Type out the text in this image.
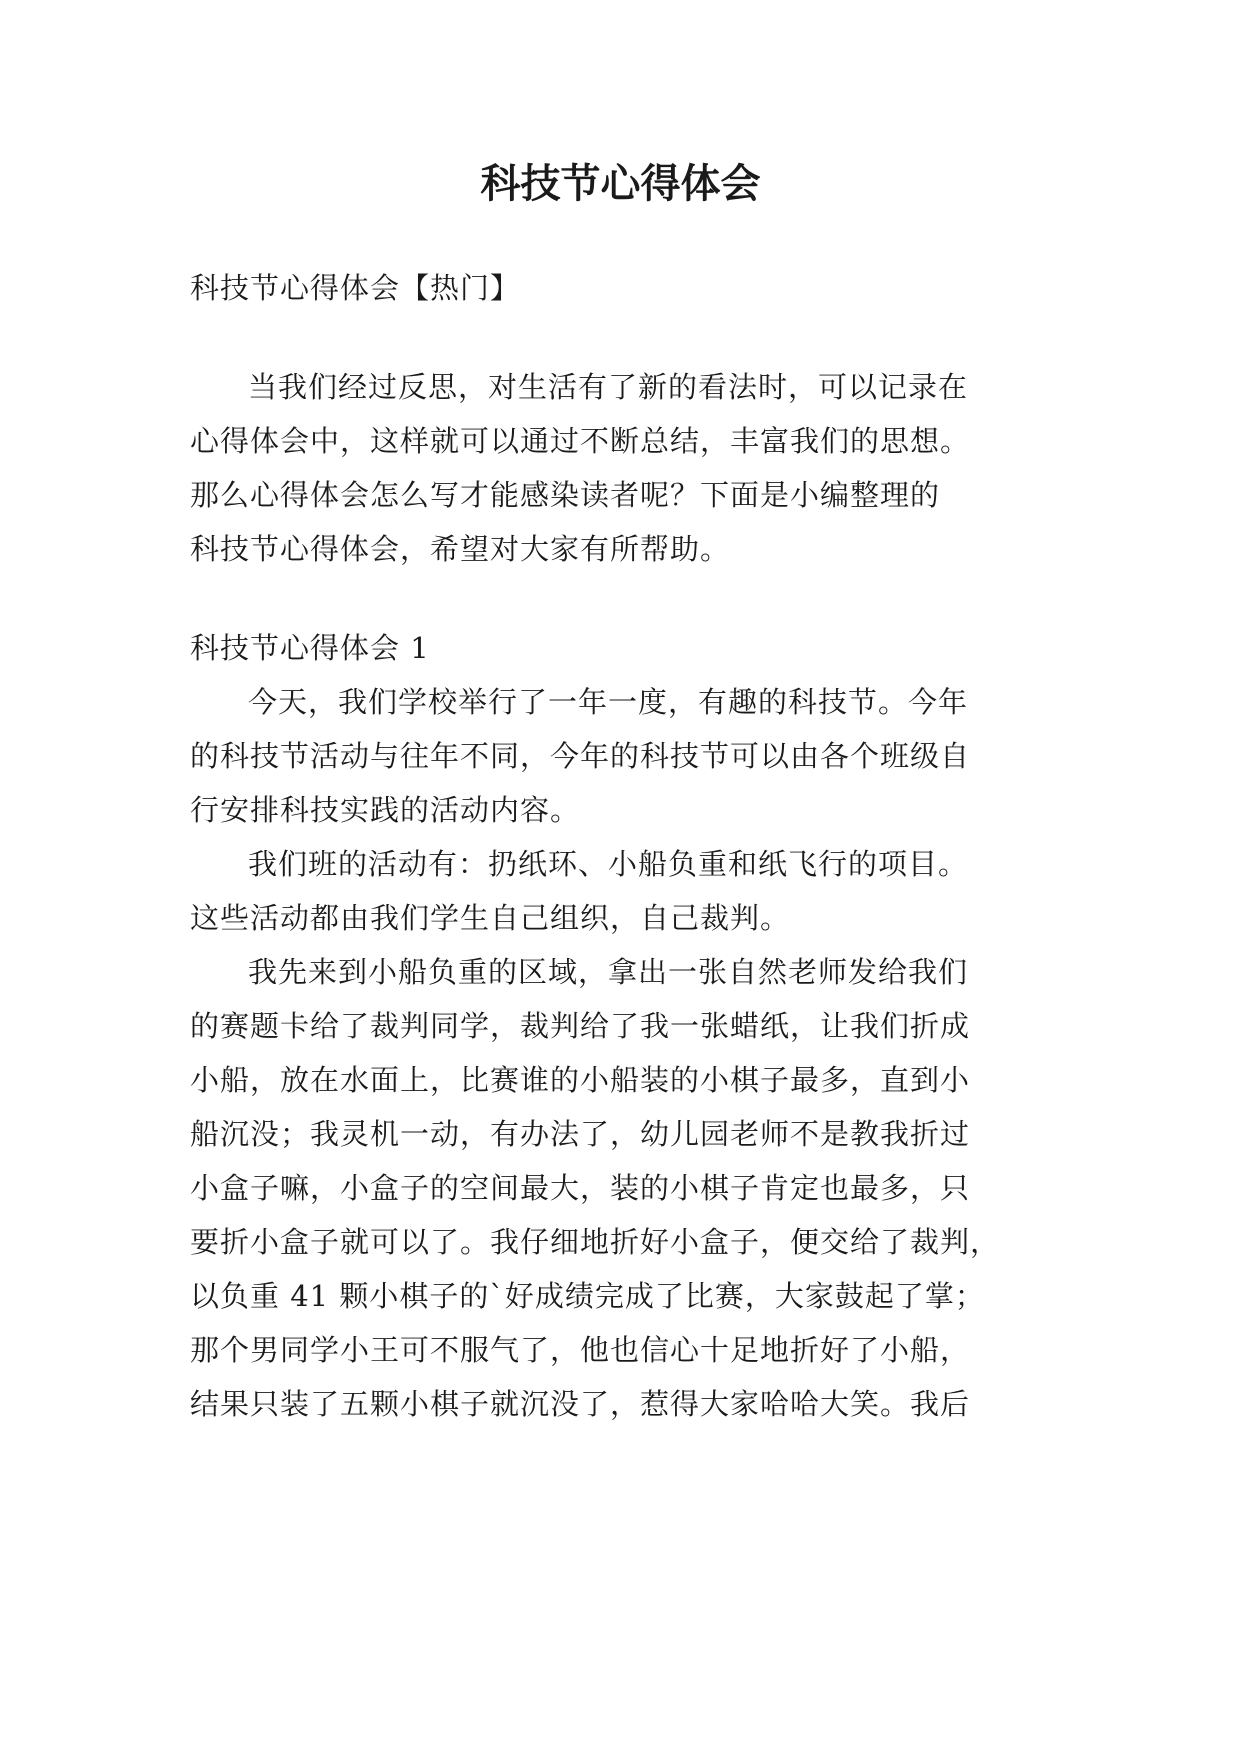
科技节心得体会

科技节心得体会【热门】

当我们经过反思，对生活有了新的看法时，可以记录在

心得体会中，这样就可以通过不断总结，丰富我们的思想。

那么心得体会怎么写才能感染读者呢？下面是小编整理的

科技节心得体会，希望对大家有所帮助。

科技节心得体会 1

今天，我们学校举行了一年一度，有趣的科技节。今年

的科技节活动与往年不同，今年的科技节可以由各个班级自

行安排科技实践的活动内容。

我们班的活动有：扔纸环、小船负重和纸飞行的项目。

这些活动都由我们学生自己组织，自己裁判。

我先来到小船负重的区域，拿出一张自然老师发给我们

的赛题卡给了裁判同学，裁判给了我一张蜡纸，让我们折成

小船，放在水面上，比赛谁的小船装的小棋子最多，直到小

船沉没；我灵机一动，有办法了，幼儿园老师不是教我折过

小盒子嘛，小盒子的空间最大，装的小棋子肯定也最多，只

要折小盒子就可以了。我仔细地折好小盒子，便交给了裁判，

以负重 41 颗小棋子的`好成绩完成了比赛，大家鼓起了掌；

那个男同学小王可不服气了，他也信心十足地折好了小船，

结果只装了五颗小棋子就沉没了，惹得大家哈哈大笑。我后
